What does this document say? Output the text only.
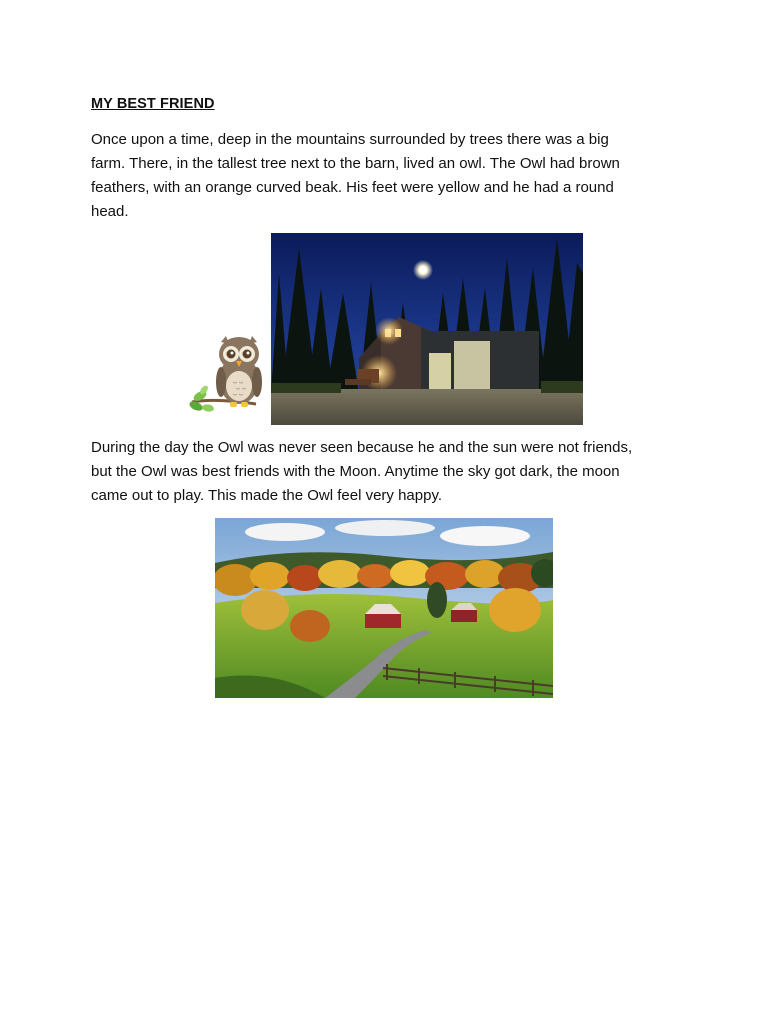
MY BEST FRIEND

Once upon a time, deep in the mountains surrounded by trees there was a big
farm. There, in the tallest tree next to the barn, lived an owl. The Owl had brown
feathers, with an orange curved beak. His feet were yellow and he had a round
head.

During the day the Owl was never seen because he and the sun were not friends,
but the Owl was best friends with the Moon. Anytime the sky got dark, the moon
came out to play. This made the Owl feel very happy.
